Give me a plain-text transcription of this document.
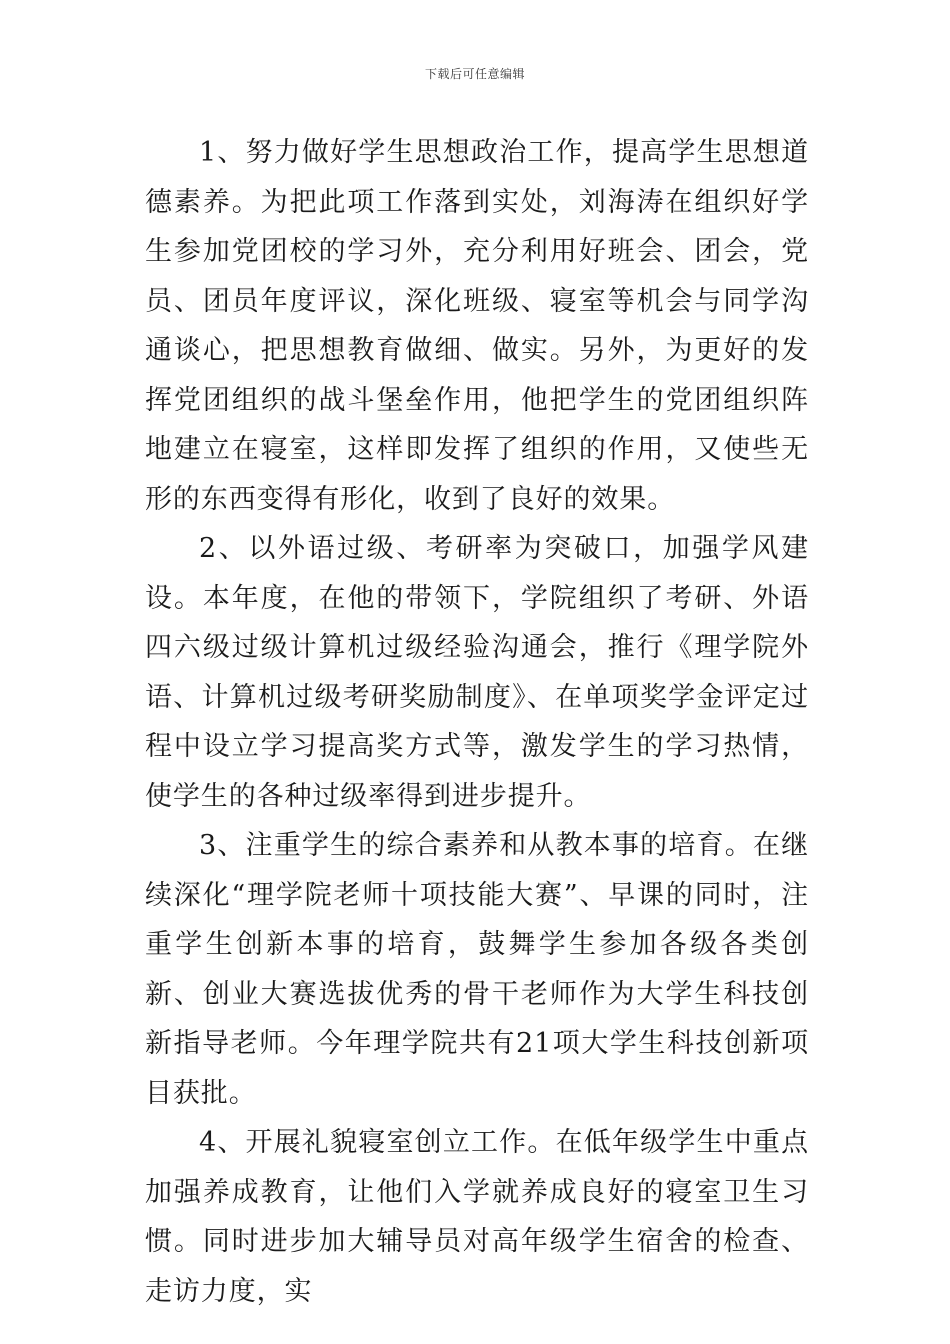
下载后可任意编辑

1、努力做好学生思想政治工作，提高学生思想道德素养。为把此项工作落到实处，刘海涛在组织好学生参加党团校的学习外，充分利用好班会、团会，党员、团员年度评议，深化班级、寝室等机会与同学沟通谈心，把思想教育做细、做实。另外，为更好的发挥党团组织的战斗堡垒作用，他把学生的党团组织阵地建立在寝室，这样即发挥了组织的作用，又使些无形的东西变得有形化，收到了良好的效果。

2、以外语过级、考研率为突破口，加强学风建设。本年度，在他的带领下，学院组织了考研、外语四六级过级计算机过级经验沟通会，推行《理学院外语、计算机过级考研奖励制度》、在单项奖学金评定过程中设立学习提高奖方式等，激发学生的学习热情，使学生的各种过级率得到进步提升。

3、注重学生的综合素养和从教本事的培育。在继续深化“理学院老师十项技能大赛”、早课的同时，注重学生创新本事的培育，鼓舞学生参加各级各类创新、创业大赛选拔优秀的骨干老师作为大学生科技创新指导老师。今年理学院共有21项大学生科技创新项目获批。

4、开展礼貌寝室创立工作。在低年级学生中重点加强养成教育，让他们入学就养成良好的寝室卫生习惯。同时进步加大辅导员对高年级学生宿舍的检查、走访力度，实
